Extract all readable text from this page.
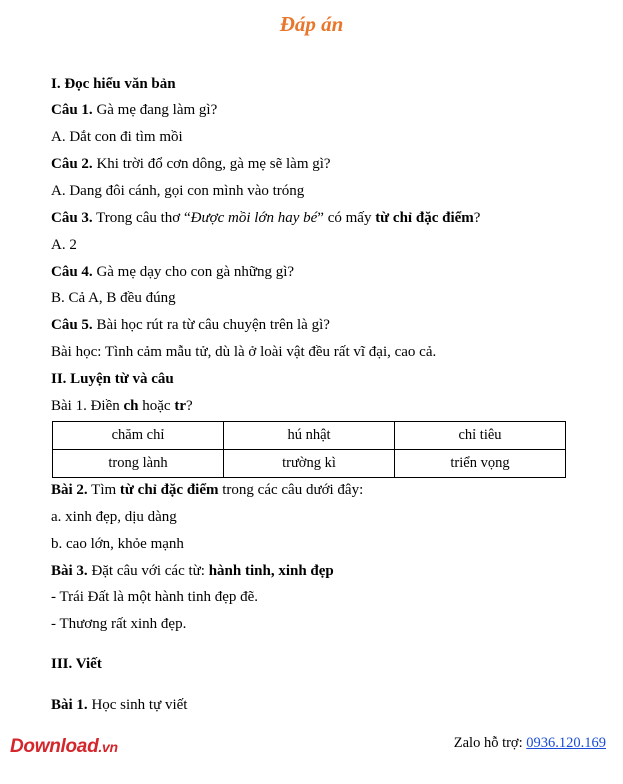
Đáp án
I. Đọc hiểu văn bản
Câu 1. Gà mẹ đang làm gì?
A. Dắt con đi tìm mồi
Câu 2. Khi trời đổ cơn dông, gà mẹ sẽ làm gì?
A. Dang đôi cánh, gọi con mình vào tróng
Câu 3. Trong câu thơ “Được mồi lớn hay bé” có mấy từ chỉ đặc điểm?
A. 2
Câu 4. Gà mẹ dạy cho con gà những gì?
B. Cả A, B đều đúng
Câu 5. Bài học rút ra từ câu chuyện trên là gì?
Bài học: Tình cảm mẫu tử, dù là ở loài vật đều rất vĩ đại, cao cả.
II. Luyện từ và câu
Bài 1. Điền ch hoặc tr?
chăm chỉ	hú nhật	chỉ tiêu
trong lành	trường kì	triển vọng
Bài 2. Tìm từ chỉ đặc điểm trong các câu dưới đây:
a. xinh đẹp, dịu dàng
b. cao lớn, khỏe mạnh
Bài 3. Đặt câu với các từ: hành tinh, xinh đẹp
- Trái Đất là một hành tinh đẹp đẽ.
- Thương rất xinh đẹp.
III. Viết
Bài 1. Học sinh tự viết
Download.vn	Zalo hỗ trợ: 0936.120.169
